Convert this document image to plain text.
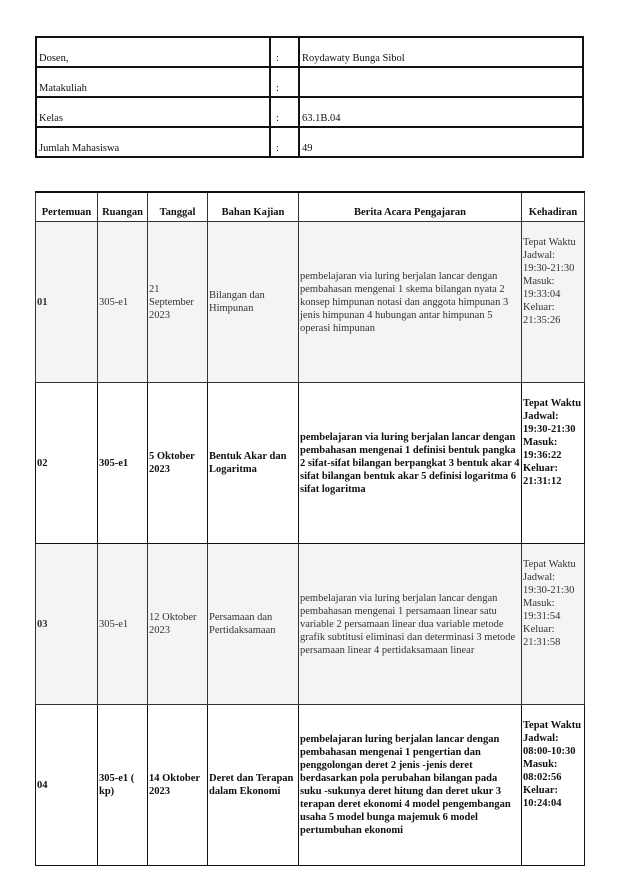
Dosen,	:	Roydawaty Bunga Sibol
Matakuliah	:	
Kelas	:	63.1B.04
Jumlah Mahasiswa	:	49
Pertemuan	Ruangan	Tanggal	Bahan Kajian	Berita Acara Pengajaran	Kehadiran
01	305-e1	21 September 2023	Bilangan dan Himpunan	pembelajaran via luring berjalan lancar dengan pembahasan mengenai 1 skema bilangan nyata 2 konsep himpunan notasi dan anggota himpunan 3 jenis himpunan 4 hubungan antar himpunan 5 operasi himpunan	Tepat Waktu Jadwal: 19:30-21:30 Masuk: 19:33:04 Keluar: 21:35:26
02	305-e1	5 Oktober 2023	Bentuk Akar dan Logaritma	pembelajaran via luring berjalan lancar dengan pembahasan mengenai 1 definisi bentuk pangka 2 sifat-sifat bilangan berpangkat 3 bentuk akar 4 sifat bilangan bentuk akar 5 definisi logaritma 6 sifat logaritma	Tepat Waktu Jadwal: 19:30-21:30 Masuk: 19:36:22 Keluar: 21:31:12
03	305-e1	12 Oktober 2023	Persamaan dan Pertidaksamaan	pembelajaran via luring berjalan lancar dengan pembahasan mengenai 1 persamaan linear satu variable 2 persamaan linear dua variable metode grafik subtitusi eliminasi dan determinasi 3 metode persamaan linear 4 pertidaksamaan linear	Tepat Waktu Jadwal: 19:30-21:30 Masuk: 19:31:54 Keluar: 21:31:58
04	305-e1 ( kp)	14 Oktober 2023	Deret dan Terapan dalam Ekonomi	pembelajaran luring berjalan lancar dengan pembahasan mengenai 1 pengertian dan penggolongan deret 2 jenis -jenis deret berdasarkan pola perubahan bilangan pada suku -sukunya deret hitung dan deret ukur 3 terapan deret ekonomi 4 model pengembangan usaha 5 model bunga majemuk 6 model pertumbuhan ekonomi	Tepat Waktu Jadwal: 08:00-10:30 Masuk: 08:02:56 Keluar: 10:24:04
